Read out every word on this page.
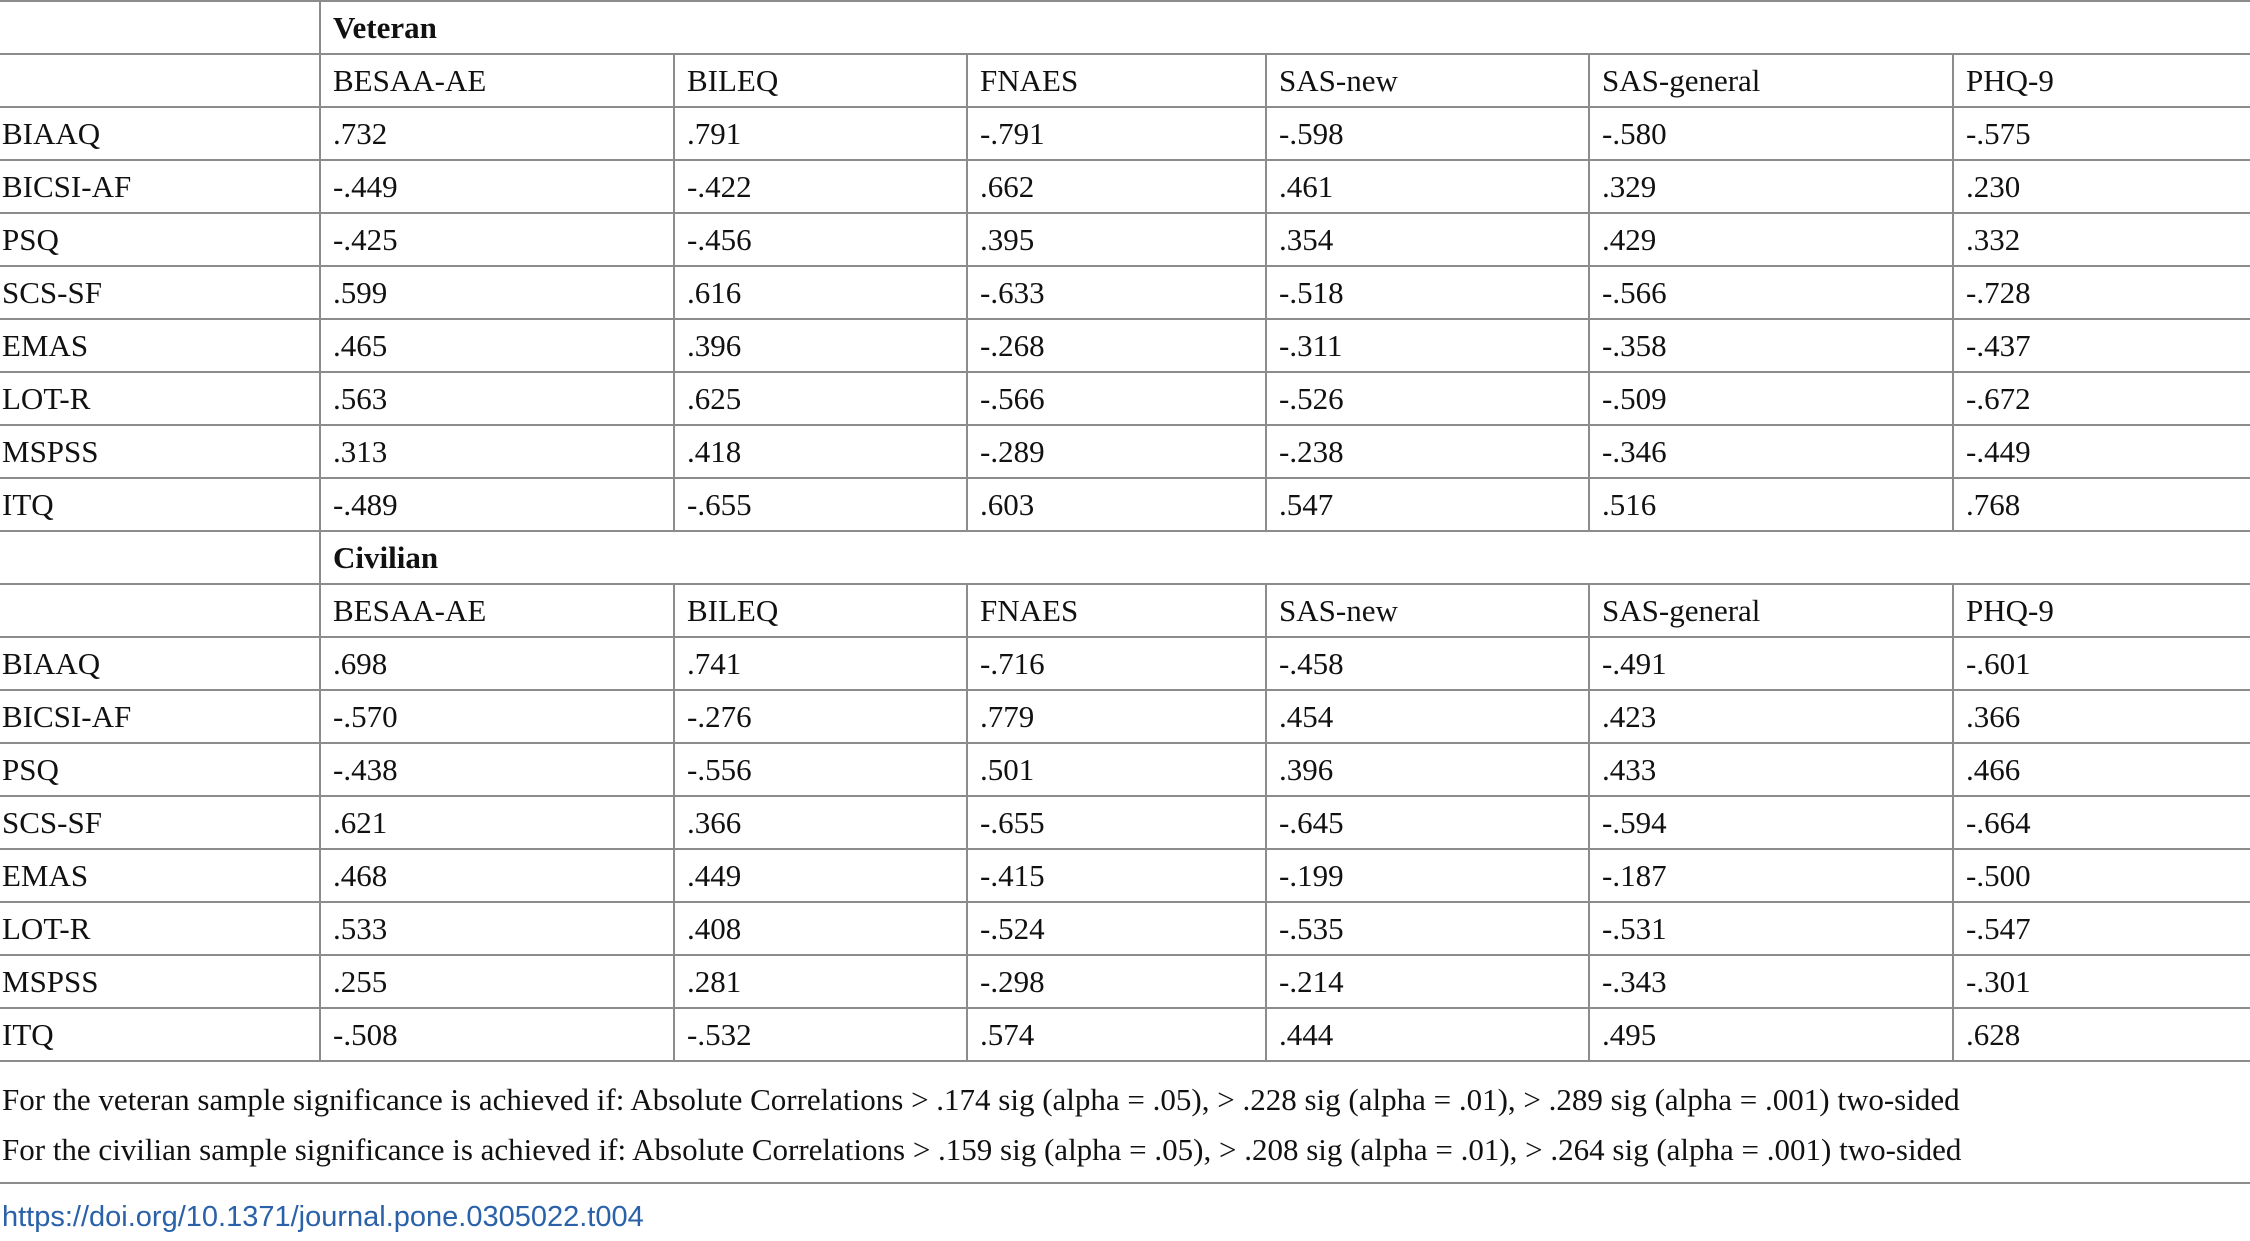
	Veteran					
	BESAA-AE	BILEQ	FNAES	SAS-new	SAS-general	PHQ-9
BIAAQ	.732	.791	-.791	-.598	-.580	-.575
BICSI-AF	-.449	-.422	.662	.461	.329	.230
PSQ	-.425	-.456	.395	.354	.429	.332
SCS-SF	.599	.616	-.633	-.518	-.566	-.728
EMAS	.465	.396	-.268	-.311	-.358	-.437
LOT-R	.563	.625	-.566	-.526	-.509	-.672
MSPSS	.313	.418	-.289	-.238	-.346	-.449
ITQ	-.489	-.655	.603	.547	.516	.768
	Civilian					
	BESAA-AE	BILEQ	FNAES	SAS-new	SAS-general	PHQ-9
BIAAQ	.698	.741	-.716	-.458	-.491	-.601
BICSI-AF	-.570	-.276	.779	.454	.423	.366
PSQ	-.438	-.556	.501	.396	.433	.466
SCS-SF	.621	.366	-.655	-.645	-.594	-.664
EMAS	.468	.449	-.415	-.199	-.187	-.500
LOT-R	.533	.408	-.524	-.535	-.531	-.547
MSPSS	.255	.281	-.298	-.214	-.343	-.301
ITQ	-.508	-.532	.574	.444	.495	.628

For the veteran sample significance is achieved if: Absolute Correlations > .174 sig (alpha = .05), > .228 sig (alpha = .01), > .289 sig (alpha = .001) two-sided

For the civilian sample significance is achieved if: Absolute Correlations > .159 sig (alpha = .05), > .208 sig (alpha = .01), > .264 sig (alpha = .001) two-sided

https://doi.org/10.1371/journal.pone.0305022.t004
